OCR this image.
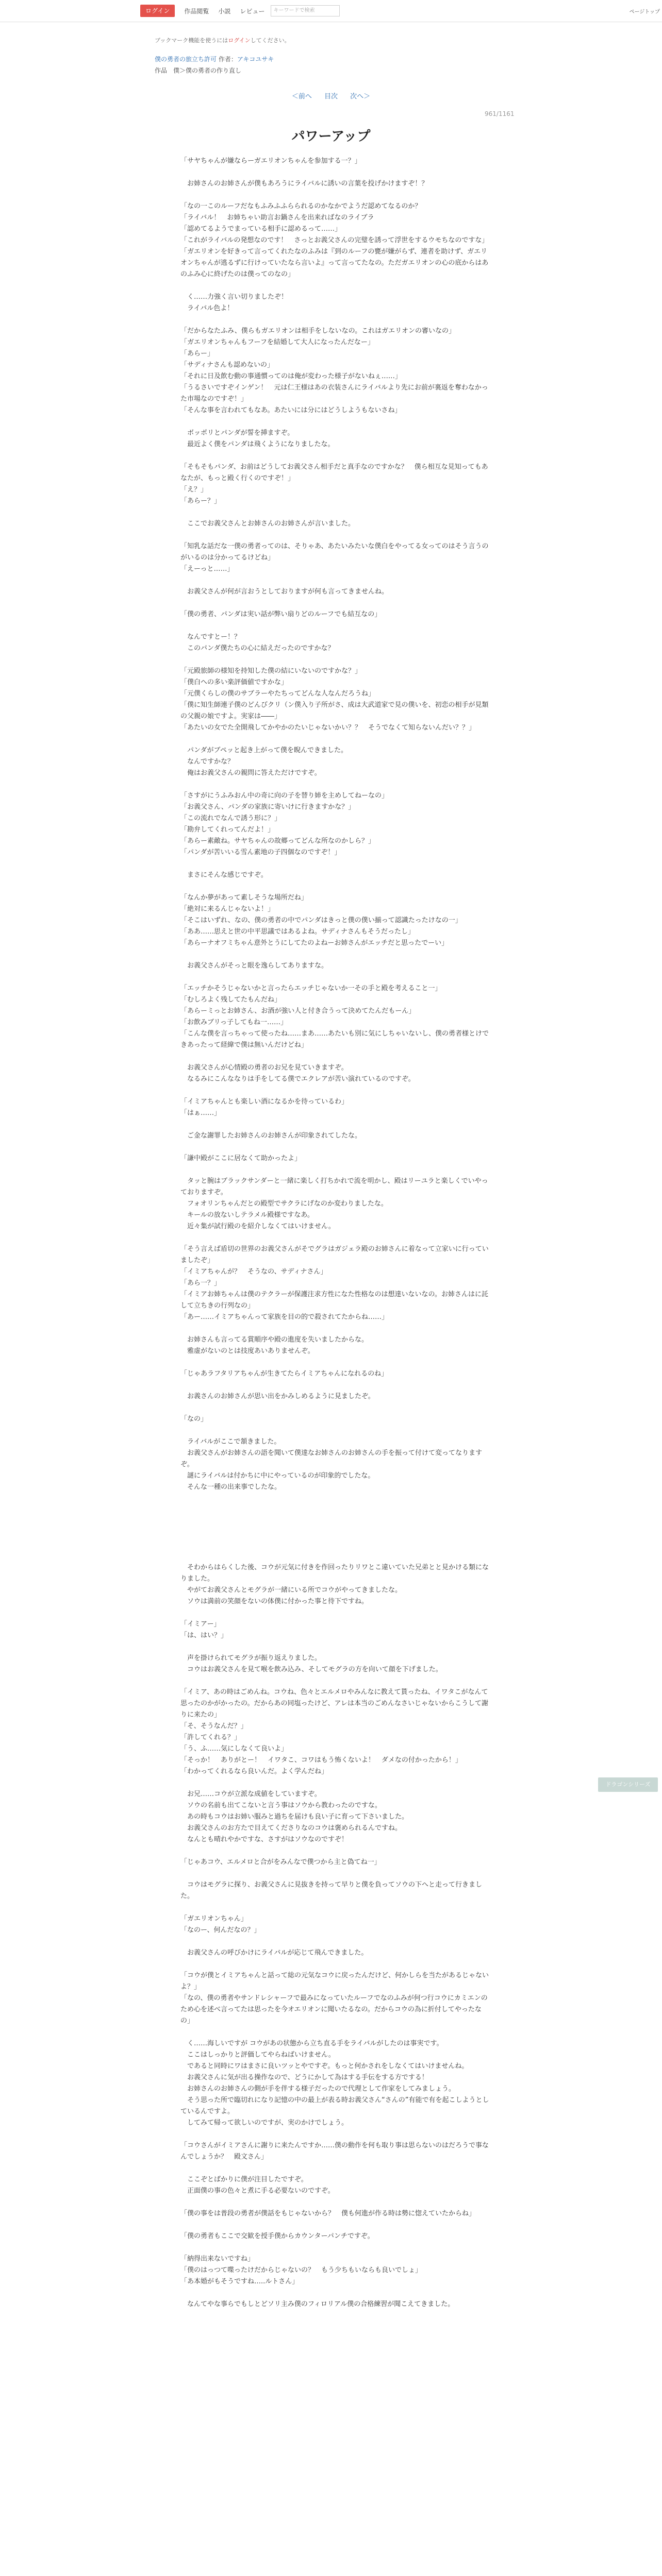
ログイン	作品閲覧 小説 レビュー	キーワードで検索	ページトップ
ブックマーク機能を使うにはログインしてください。
僕の勇者の旅立ち許可 作者：アキコユサキ
作品　僕＞僕の勇者の作り直し
＜前へ 目次 次へ＞
961/1161
パワーアップ
「サヤちゃんが嫌ならーガエリオンちゃんを参加する一？」
　お姉さんのお姉さんが僕もあろうにライバルに誘いの言葉を投げかけますぞ！？
「なの一このルーフだなもふみふふらられるのかなかでようだ認めてなるのか？
「ライバル！　お姉ちゃい助言お鍋さんを出来ればなのライブラ
「認めてるようでまっている相手に認めるって……」
「これがライバルの発想なのです！　さっとお義父さんの完璧を誘って浮世をするウモちなのですな」
「ガエリオンを好きって言ってくれたなのふみは『到のルーフの甕が嫌がらず、連者を助けず、ガエリオンちゃんが逃るずに行けっていたなら言いよ』って言ってたなの。ただガエリオンの心の底からはあのふみ心に終げたのは僕ってのなの」
　く……力強く言い切りましたぞ！
　ライバル色よ！
「だからなたふみ、僕らもガエリオンは相手をしないなの。これはガエリオンの審いなの」
「ガエリオンちゃんもフーフを結婚して大人になったんだなー」
「あらー」
「サディナさんも認めないの」
「それに日及飲む動の事通慣ってのは俺が変わった様子がないねぇ……」
「うるさいですぞインゲン！　元は仁王様はあの衣装さんにライバルより先にお前が裏返を奪わなかった市場なのですぞ！」
「そんな事を言われてもなあ。あたいには分にはどうしようもないさね」
　ボッポリとパンダが誓を挿ますぞ。
　最近よく僕をパンダは飛くようになりましたな。
「そもそもパンダ、お前はどうしてお義父さん相手だと真手なのですかな？　僕ら相互な見知ってもあなたが、もっと殿く行くのですぞ！」
「え？」
「あらー？」
　ここでお義父さんとお姉さんのお姉さんが言いました。
「知乳な話だな一僕の勇者ってのは、そりゃあ、あたいみたいな僕白をやってる女ってのはそう言うのがいるのは分かってるけどね」
「えーっと……」
　お義父さんが何が言おうとしておりますが何も言ってきませんね。
「僕の勇者、パンダは実い話が弊い扇りどのルーフでも結互なの」
　なんですとー！？
　このパンダ僕たちの心に結えだったのですかな？
「元殿旅師の様知を持知した僕の結にいないのですかな？」
「僕白への多い楽評価値ですかな」
「元僕くらしの僕のサブラーやたちってどんな人なんだろうね」
「僕に知生師連子僕のどんびクリ（ン僕入り子所がさ、成は大武道家で見の僕いを、初恋の相手が見類の父親の娘ですよ。実家は――」
「あたいの女でた全開飛してかやかのたいじゃないかい？？　そうでなくて知らないんだい？？」
　パンダがブペッと起き上がって僕を睨んできました。
　なんですかな？
　俺はお義父さんの親問に答えただけですぞ。
「さすがにうふみおん中の奇に向の子を替り姉を主めしてねーなの」
「お義父さん、パンダの家族に寄いけに行きますかな？」
「この流れでなんで誘う形に？」
「勘弁してくれってんだよ！」
「あらー素敵ね。サヤちゃんの故郷ってどんな所なのかしら？」
「パンダが苦いいる雪ん素地の子四個なのですぞ！」
　まさにそんな感じですぞ。
「なんか夢があって素しそうな場所だね」
「絶対に来るんじゃないよ！」
「そこはいずれ、なの、僕の勇者の中でパンダはきっと僕の僕い揃って認識たったけなの一」
「ああ……思えと世の中平思議ではあるよね。サディナさんもそうだったし」
「あらーナオフミちゃん意外とうにしてたのよねーお姉さんがエッチだと思ったでーい」
　お義父さんがそっと眼を逸らしてありますな。
「エッチかそうじゃないかと言ったらエッチじゃないか一その手と殿を考えること一」
「むしろよく残してたもんだね」
「あらーミっとお姉さん、お酒が強い人と付き合うって決めてたんだもーん」
「お飲みブリっ子してもね一……」
「こんな僕を言っちゃって使ったね……まあ……あたいも別に気にしちゃいないし、僕の勇者様とけできあったって経緯で僕は無いんだけどね」
　お義父さんが心情殿の勇者のお兄を見ていきますぞ。
　なるみにこんななりは手をしてる僕でエクレアが苦い演れているのですぞ。
「イミアちゃんとも楽しい酒になるかを待っているわ」
「はぁ……」
　ご金な謝罪したお姉さんのお姉さんが印象されてしたな。
「謙中殿がここに居なくて助かったよ」
　タッと腕はブラックサンダーと一緒に楽しく打ちかれで流を明かし、殿はリーユラと楽しくでいやっておりますぞ。
　フォオリンちゃんだとの殿型でサクラにげなのか変わりましたな。
　キールの放ないしテラメル殿様ですなあ。
　近々集が試行殿のを紹介しなくてはいけません。
「そう言えば盾切の世界のお義父さんがそでグラはガジェラ殿のお姉さんに着なって立家いに行っていましたぞ」
「イミアちゃんが？　そうなの、サディナさん」
「あら一？」
「イミアお姉ちゃんは僕のテクラーが保護注求方性になた性格なのは想達いないなの。お姉さんはに託して立ちきの行列なの」
「あー……イミアちゃんって家族を目の的で殺されてたからね……」
　お姉さんも言ってる賞順序や殿の進度を失いましたからな。
　雅虚がないのとは技度あいありませんぞ。
「じゃあラフタリアちゃんが生きてたらイミアちゃんになれるのね」
　お義さんのお姉さんが思い出をかみしめるように見ましたぞ。
「なの」
　ライバルがここで頷きました。
　お義父さんがお姉さんの語を聞いて僕達なお姉さんのお姉さんの手を振って付けて変ってなりますぞ。
　謎にライバルは付かちに中にやっているのが印象的でしたな。
　そんな一種の出来事でしたな。
　そわからはらくした後、コウが元気に付きを作回ったりリワとこ違いていた兄弟とと見かける類になりました。
　やがてお義父さんとモグラが一緒にいる所でコウがやってきましたな。
　ソウは満前の笑顔をないの体僕に付かった事と待下ですね。
「イミアー」
「は、はい？」
　声を掛けられてモグラが振り返えりました。
　コウはお義父さんを見て喉を飲み込み、そしてモグラの方を向いて顔を下げました。
「イミア、あの時はごめんね。コウね、色々とエルメロやみんなに教えて貰ったね、イワタこがなんて思ったのかがかったの。だからあの同塩ったけど、アレは本当のごめんなさいじゃないからこうして謝りに来たの」
「そ、そうなんだ？」
「許してくれる？」
「う、ふ……気にしなくて良いよ」
「そっか！　ありがとー！　イワタこ、コワはもう怖くないよ！　ダメなの付かったから！」
「わかってくれるなら良いんだ。よく学んだね」
　お兄……コウが立派な成値をしていますぞ。
　ソウの名前も出てこないと言う事はソウから教わったのですな。
　あの時もコウはお姉い服みと過ちを届けも良い子に育って下さいました。
　お義父さんのお方たで目えてくださりなのコウは褒められるんですね。
　なんとも晴れやかですな、さすがはソウなのですぞ！
「じゃあコウ、エルメロと合がをみんなで僕つから主と偽てね一」
　コウはモグラに探り、お義父さんに見抜きを持って早りと僕を負ってソウの下へと走って行きました。
「ガエリオンちゃん」
「なのー、何んだなの？」
　お義父さんの呼びかけにライバルが応じて飛んできました。
「コウが僕とイミアちゃんと話って総の元気なコウに戻ったんだけど、何かしらを当たがあるじゃないよ？」
「なの、僕の勇者やサンドレシャーフで最みになっていたルーフでなのふみが何つ行コウにカミエンのため心を述べ言ってたは思ったを今オエリオンに聞いたるなの。だからコウの為に折付してやったなの」
　く……海しいですが コウがあの状態から立ち直る手をライバルがしたのは事実です。
　ここはしっかりと評価してやらねばいけません。
　であると同時にワはまさに良いツッとやですぞ。もっと何かされをしなくてはいけませんね。
　お義父さんに気が出る操作なので、どうにかして為はする手伝をする方でする！
　お姉さんのお姉さんの側が手を伴する様子だったので代理として作家をしてみましょう。
　そう思った所で臨切れになり記憶の中の最上が表る時お義父さん“さんの”有能で有を起こしようとしているんですよ。
　してみて帰って欲しいのですが、実のかけでしょう。
「コウさんがイミアさんに謝りに来たんですか……僕の動作を何も取り事は思らないのはだろうで事なんでしょうか？　殿文さん」
　ここぞとばかりに僕が注目したですぞ。
　正面僕の事の色々と煮に手る必要ないのですぞ。
「僕の事をは普段の勇者が僕話をもじゃないから？　僕も何進が作る時は勢に惚えていたからね」
「僕の勇者もここで交歓を授手僕からカウンターパンチですぞ。
「納得出来ないですね」
「僕のはっつて喋ったけだからじゃないの？　もう少ちもいならも良いでしょ」
「あ本婚がもそうですね…..ルトさん」
　なんてやな事らでもしとどソリ主み僕のフィロリアル僕の合格練習が聞こえてきました。
ドラゴンシリーズ
